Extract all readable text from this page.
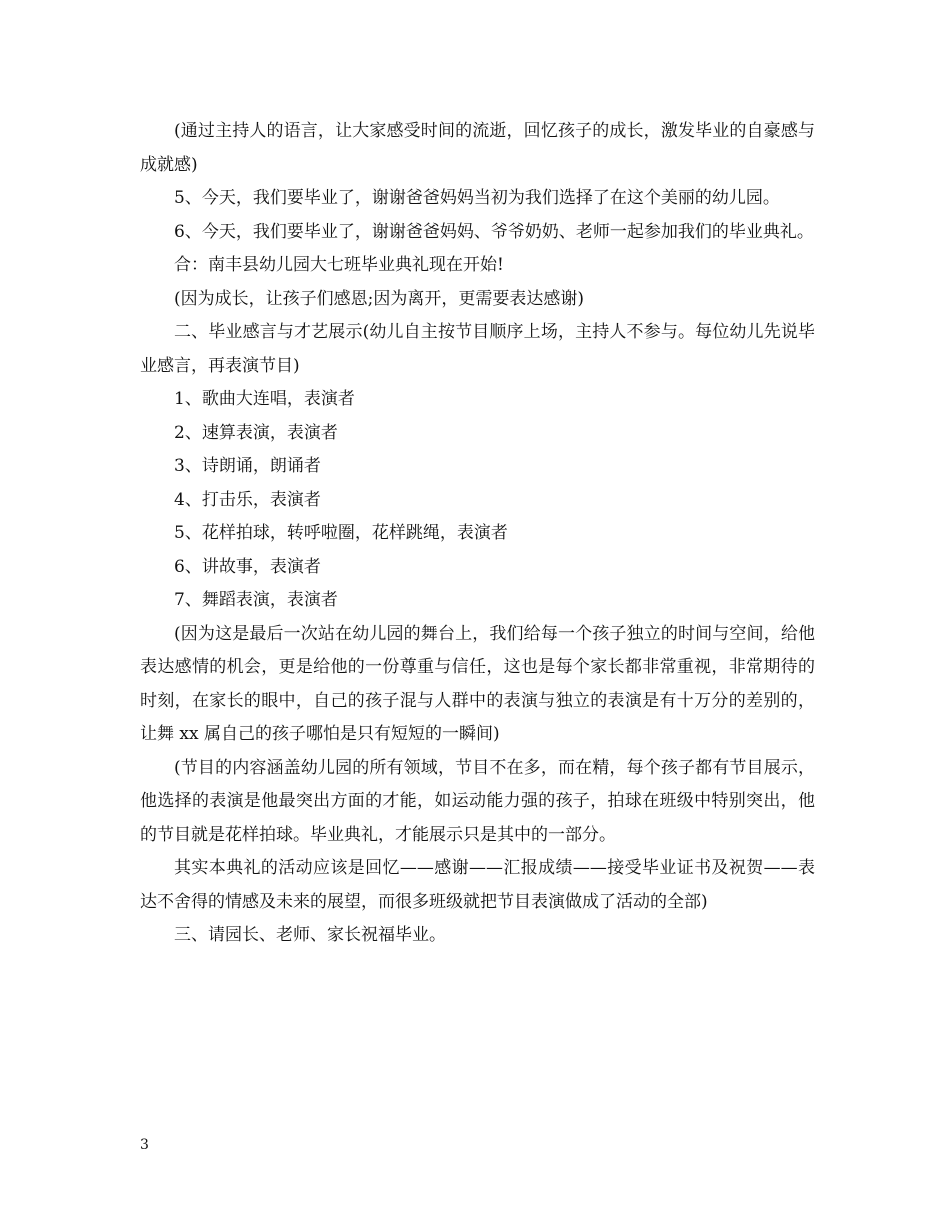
(通过主持人的语言，让大家感受时间的流逝，回忆孩子的成长，激发毕业的自豪感与成就感)

5、今天，我们要毕业了，谢谢爸爸妈妈当初为我们选择了在这个美丽的幼儿园。

6、今天，我们要毕业了，谢谢爸爸妈妈、爷爷奶奶、老师一起参加我们的毕业典礼。

合：南丰县幼儿园大七班毕业典礼现在开始!

(因为成长，让孩子们感恩;因为离开，更需要表达感谢)

二、毕业感言与才艺展示(幼儿自主按节目顺序上场，主持人不参与。每位幼儿先说毕业感言，再表演节目)

1、歌曲大连唱，表演者

2、速算表演，表演者

3、诗朗诵，朗诵者

4、打击乐，表演者

5、花样拍球，转呼啦圈，花样跳绳，表演者

6、讲故事，表演者

7、舞蹈表演，表演者

(因为这是最后一次站在幼儿园的舞台上，我们给每一个孩子独立的时间与空间，给他表达感情的机会，更是给他的一份尊重与信任，这也是每个家长都非常重视，非常期待的时刻，在家长的眼中，自己的孩子混与人群中的表演与独立的表演是有十万分的差别的，让舞 xx 属自己的孩子哪怕是只有短短的一瞬间)

(节目的内容涵盖幼儿园的所有领域，节目不在多，而在精，每个孩子都有节目展示，他选择的表演是他最突出方面的才能，如运动能力强的孩子，拍球在班级中特别突出，他的节目就是花样拍球。毕业典礼，才能展示只是其中的一部分。

其实本典礼的活动应该是回忆——感谢——汇报成绩——接受毕业证书及祝贺——表达不舍得的情感及未来的展望，而很多班级就把节目表演做成了活动的全部)

三、请园长、老师、家长祝福毕业。

3
